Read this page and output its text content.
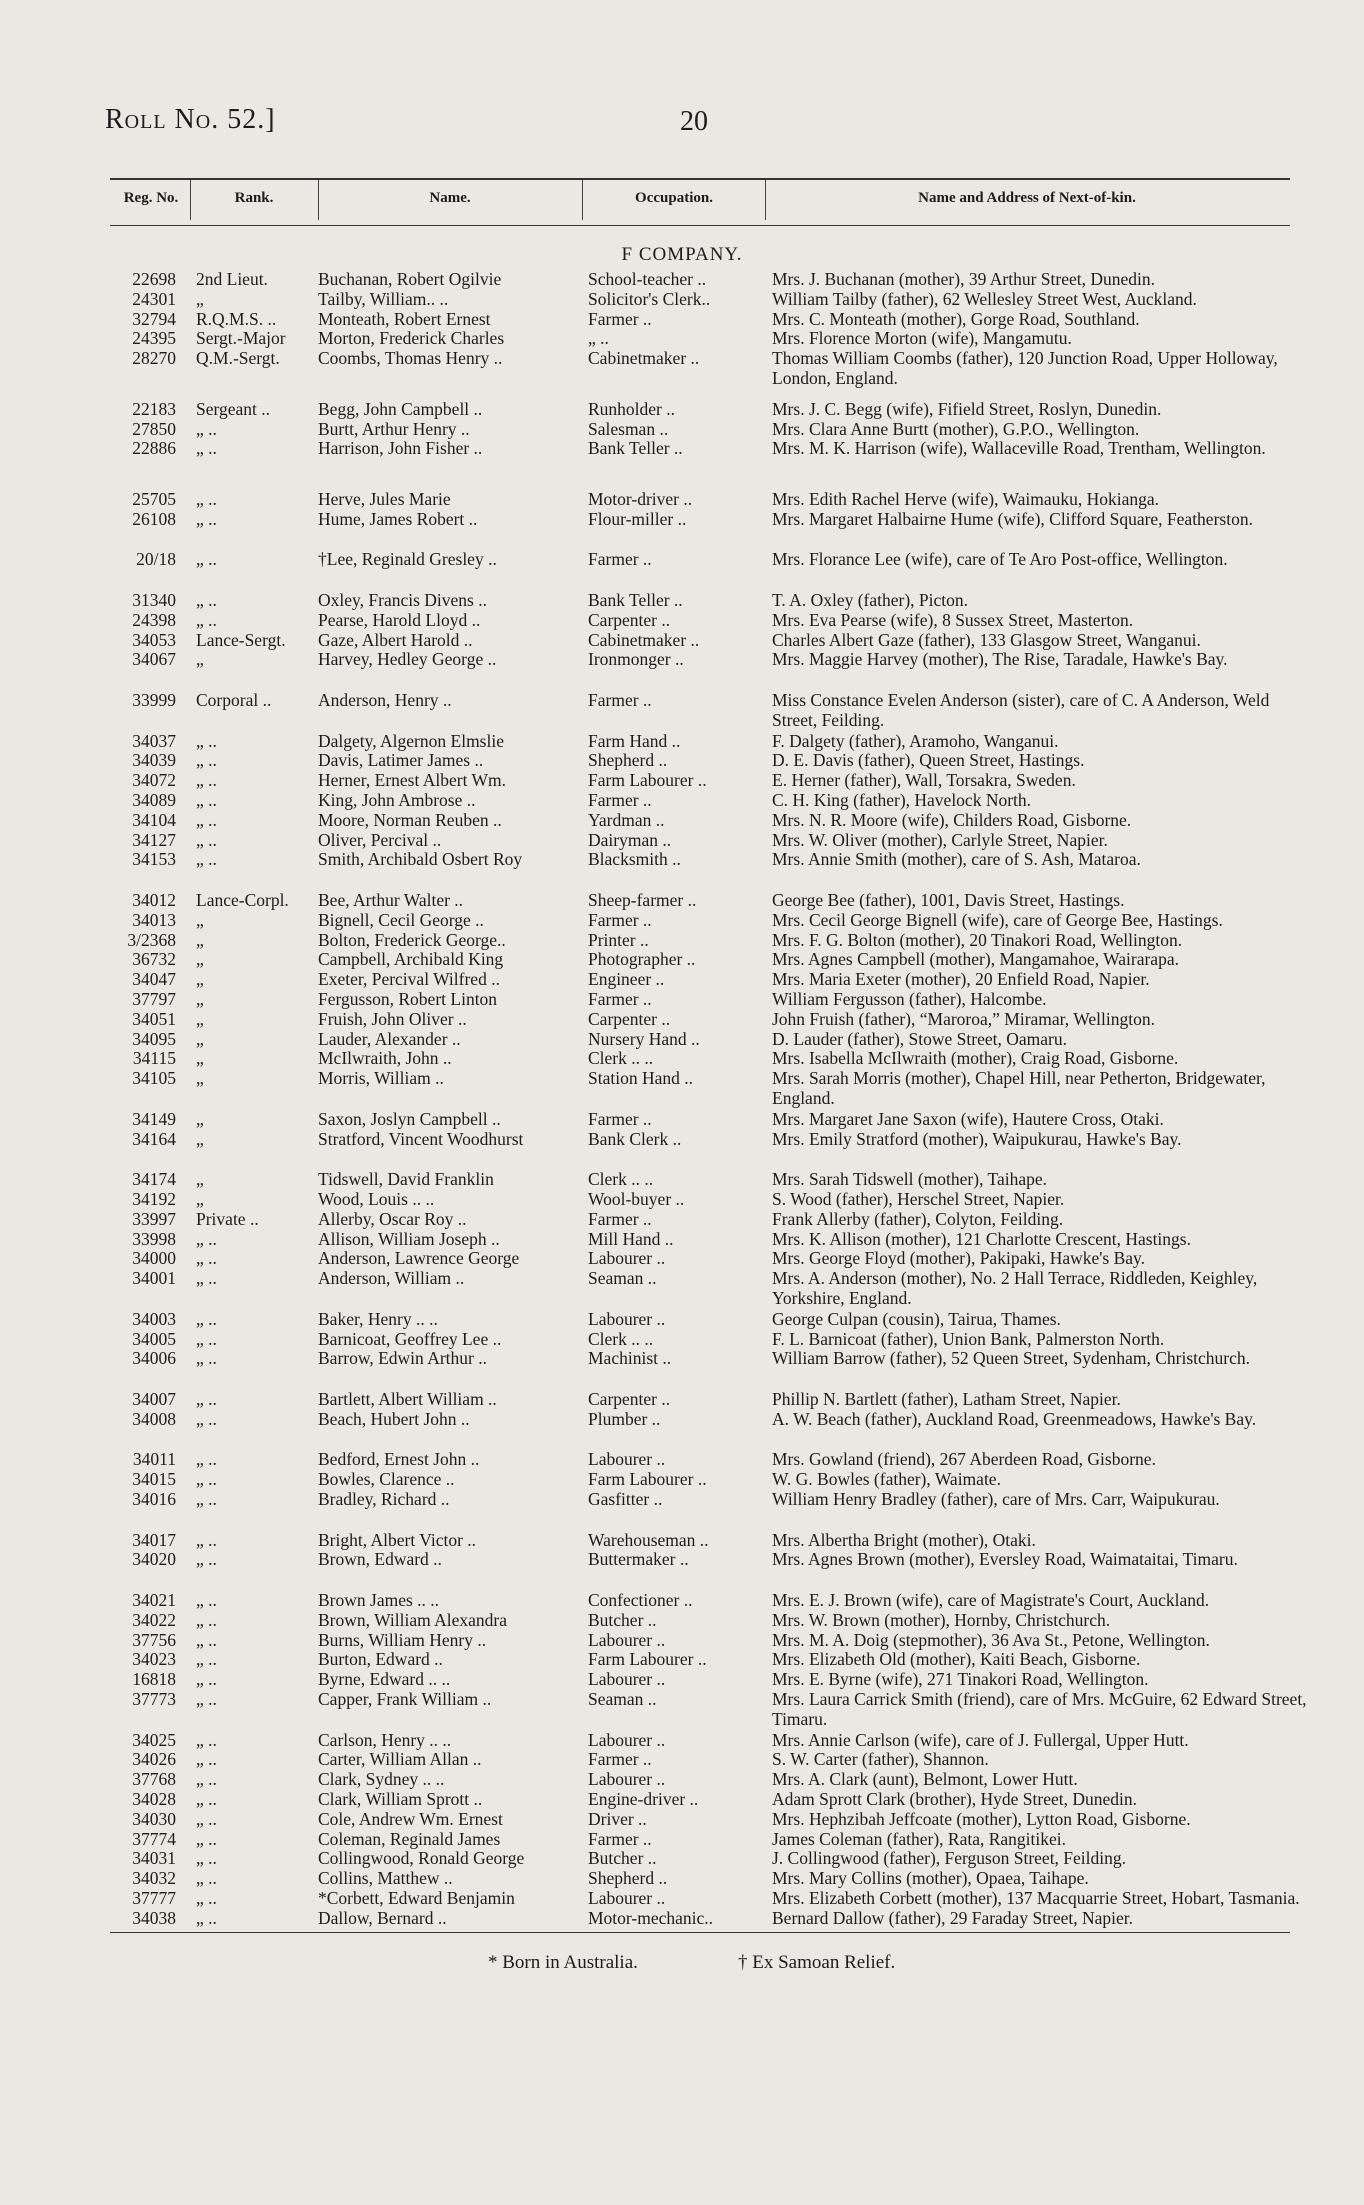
Roll No. 52.]	20
Reg. No.	Rank.	Name.	Occupation.	Name and Address of Next-of-kin.
F COMPANY.
22698 2nd Lieut.	Buchanan, Robert Ogilvie	School-teacher ..	Mrs. J. Buchanan (mother), 39 Arthur Street, Dunedin.
24301 „	Tailby, William.. ..	Solicitor's Clerk..	William Tailby (father), 62 Wellesley Street West, Auckland.
32794 R.Q.M.S. ..	Monteath, Robert Ernest	Farmer ..	Mrs. C. Monteath (mother), Gorge Road, Southland.
24395 Sergt.-Major	Morton, Frederick Charles	„ ..	Mrs. Florence Morton (wife), Mangamutu.
28270 Q.M.-Sergt.	Coombs, Thomas Henry ..	Cabinetmaker ..	Thomas William Coombs (father), 120 Junction Road, Upper Holloway, London, England.
22183 Sergeant ..	Begg, John Campbell ..	Runholder ..	Mrs. J. C. Begg (wife), Fifield Street, Roslyn, Dunedin.
27850 „ ..	Burtt, Arthur Henry ..	Salesman ..	Mrs. Clara Anne Burtt (mother), G.P.O., Wellington.
22886 „ ..	Harrison, John Fisher ..	Bank Teller ..	Mrs. M. K. Harrison (wife), Wallaceville Road, Trentham, Wellington.
25705 „ ..	Herve, Jules Marie	Motor-driver ..	Mrs. Edith Rachel Herve (wife), Waimauku, Hokianga.
26108 „ ..	Hume, James Robert ..	Flour-miller ..	Mrs. Margaret Halbairne Hume (wife), Clifford Square, Featherston.
20/18 „ ..	†Lee, Reginald Gresley ..	Farmer ..	Mrs. Florance Lee (wife), care of Te Aro Post-office, Wellington.
31340 „ ..	Oxley, Francis Divens ..	Bank Teller ..	T. A. Oxley (father), Picton.
24398 „ ..	Pearse, Harold Lloyd ..	Carpenter ..	Mrs. Eva Pearse (wife), 8 Sussex Street, Masterton.
34053 Lance-Sergt.	Gaze, Albert Harold ..	Cabinetmaker ..	Charles Albert Gaze (father), 133 Glasgow Street, Wanganui.
34067 „	Harvey, Hedley George ..	Ironmonger ..	Mrs. Maggie Harvey (mother), The Rise, Taradale, Hawke's Bay.
33999 Corporal ..	Anderson, Henry ..	Farmer ..	Miss Constance Evelen Anderson (sister), care of C. A Anderson, Weld Street, Feilding.
34037 „ ..	Dalgety, Algernon Elmslie	Farm Hand ..	F. Dalgety (father), Aramoho, Wanganui.
34039 „ ..	Davis, Latimer James ..	Shepherd ..	D. E. Davis (father), Queen Street, Hastings.
34072 „ ..	Herner, Ernest Albert Wm.	Farm Labourer ..	E. Herner (father), Wall, Torsakra, Sweden.
34089 „ ..	King, John Ambrose ..	Farmer ..	C. H. King (father), Havelock North.
34104 „ ..	Moore, Norman Reuben ..	Yardman ..	Mrs. N. R. Moore (wife), Childers Road, Gisborne.
34127 „ ..	Oliver, Percival ..	Dairyman ..	Mrs. W. Oliver (mother), Carlyle Street, Napier.
34153 „ ..	Smith, Archibald Osbert Roy	Blacksmith ..	Mrs. Annie Smith (mother), care of S. Ash, Mataroa.
34012 Lance-Corpl.	Bee, Arthur Walter ..	Sheep-farmer ..	George Bee (father), 1001, Davis Street, Hastings.
34013 „	Bignell, Cecil George ..	Farmer ..	Mrs. Cecil George Bignell (wife), care of George Bee, Hastings.
3/2368 „	Bolton, Frederick George..	Printer ..	Mrs. F. G. Bolton (mother), 20 Tinakori Road, Wellington.
36732 „	Campbell, Archibald King	Photographer ..	Mrs. Agnes Campbell (mother), Mangamahoe, Wairarapa.
34047 „	Exeter, Percival Wilfred ..	Engineer ..	Mrs. Maria Exeter (mother), 20 Enfield Road, Napier.
37797 „	Fergusson, Robert Linton	Farmer ..	William Fergusson (father), Halcombe.
34051 „	Fruish, John Oliver ..	Carpenter ..	John Fruish (father), “Maroroa,” Miramar, Wellington.
34095 „	Lauder, Alexander ..	Nursery Hand ..	D. Lauder (father), Stowe Street, Oamaru.
34115 „	McIlwraith, John ..	Clerk .. ..	Mrs. Isabella McIlwraith (mother), Craig Road, Gisborne.
34105 „	Morris, William ..	Station Hand ..	Mrs. Sarah Morris (mother), Chapel Hill, near Petherton, Bridgewater, England.
34149 „	Saxon, Joslyn Campbell ..	Farmer ..	Mrs. Margaret Jane Saxon (wife), Hautere Cross, Otaki.
34164 „	Stratford, Vincent Woodhurst	Bank Clerk ..	Mrs. Emily Stratford (mother), Waipukurau, Hawke's Bay.
34174 „	Tidswell, David Franklin	Clerk .. ..	Mrs. Sarah Tidswell (mother), Taihape.
34192 „	Wood, Louis .. ..	Wool-buyer ..	S. Wood (father), Herschel Street, Napier.
33997 Private ..	Allerby, Oscar Roy ..	Farmer ..	Frank Allerby (father), Colyton, Feilding.
33998 „ ..	Allison, William Joseph ..	Mill Hand ..	Mrs. K. Allison (mother), 121 Charlotte Crescent, Hastings.
34000 „ ..	Anderson, Lawrence George	Labourer ..	Mrs. George Floyd (mother), Pakipaki, Hawke's Bay.
34001 „ ..	Anderson, William ..	Seaman ..	Mrs. A. Anderson (mother), No. 2 Hall Terrace, Riddleden, Keighley, Yorkshire, England.
34003 „ ..	Baker, Henry .. ..	Labourer ..	George Culpan (cousin), Tairua, Thames.
34005 „ ..	Barnicoat, Geoffrey Lee ..	Clerk .. ..	F. L. Barnicoat (father), Union Bank, Palmerston North.
34006 „ ..	Barrow, Edwin Arthur ..	Machinist ..	William Barrow (father), 52 Queen Street, Sydenham, Christchurch.
34007 „ ..	Bartlett, Albert William ..	Carpenter ..	Phillip N. Bartlett (father), Latham Street, Napier.
34008 „ ..	Beach, Hubert John ..	Plumber ..	A. W. Beach (father), Auckland Road, Greenmeadows, Hawke's Bay.
34011 „ ..	Bedford, Ernest John ..	Labourer ..	Mrs. Gowland (friend), 267 Aberdeen Road, Gisborne.
34015 „ ..	Bowles, Clarence ..	Farm Labourer ..	W. G. Bowles (father), Waimate.
34016 „ ..	Bradley, Richard ..	Gasfitter ..	William Henry Bradley (father), care of Mrs. Carr, Waipukurau.
34017 „ ..	Bright, Albert Victor ..	Warehouseman ..	Mrs. Albertha Bright (mother), Otaki.
34020 „ ..	Brown, Edward ..	Buttermaker ..	Mrs. Agnes Brown (mother), Eversley Road, Waimataitai, Timaru.
34021 „ ..	Brown James .. ..	Confectioner ..	Mrs. E. J. Brown (wife), care of Magistrate's Court, Auckland.
34022 „ ..	Brown, William Alexandra	Butcher ..	Mrs. W. Brown (mother), Hornby, Christchurch.
37756 „ ..	Burns, William Henry ..	Labourer ..	Mrs. M. A. Doig (stepmother), 36 Ava St., Petone, Wellington.
34023 „ ..	Burton, Edward ..	Farm Labourer ..	Mrs. Elizabeth Old (mother), Kaiti Beach, Gisborne.
16818 „ ..	Byrne, Edward .. ..	Labourer ..	Mrs. E. Byrne (wife), 271 Tinakori Road, Wellington.
37773 „ ..	Capper, Frank William ..	Seaman ..	Mrs. Laura Carrick Smith (friend), care of Mrs. McGuire, 62 Edward Street, Timaru.
34025 „ ..	Carlson, Henry .. ..	Labourer ..	Mrs. Annie Carlson (wife), care of J. Fullergal, Upper Hutt.
34026 „ ..	Carter, William Allan ..	Farmer ..	S. W. Carter (father), Shannon.
37768 „ ..	Clark, Sydney .. ..	Labourer ..	Mrs. A. Clark (aunt), Belmont, Lower Hutt.
34028 „ ..	Clark, William Sprott ..	Engine-driver ..	Adam Sprott Clark (brother), Hyde Street, Dunedin.
34030 „ ..	Cole, Andrew Wm. Ernest	Driver ..	Mrs. Hephzibah Jeffcoate (mother), Lytton Road, Gisborne.
37774 „ ..	Coleman, Reginald James	Farmer ..	James Coleman (father), Rata, Rangitikei.
34031 „ ..	Collingwood, Ronald George	Butcher ..	J. Collingwood (father), Ferguson Street, Feilding.
34032 „ ..	Collins, Matthew ..	Shepherd ..	Mrs. Mary Collins (mother), Opaea, Taihape.
37777 „ ..	*Corbett, Edward Benjamin	Labourer ..	Mrs. Elizabeth Corbett (mother), 137 Macquarrie Street, Hobart, Tasmania.
34038 „ ..	Dallow, Bernard ..	Motor-mechanic..	Bernard Dallow (father), 29 Faraday Street, Napier.
* Born in Australia.	† Ex Samoan Relief.
